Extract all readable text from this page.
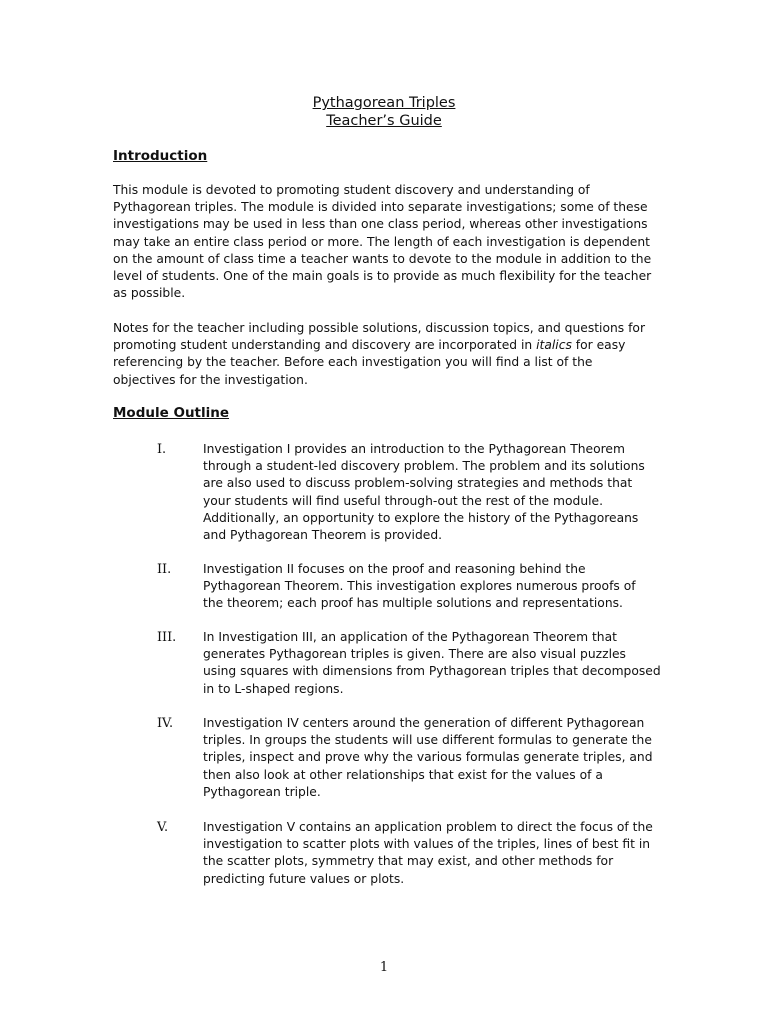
Pythagorean Triples
Teacher’s Guide
Introduction
This module is devoted to promoting student discovery and understanding of
Pythagorean triples. The module is divided into separate investigations; some of these
investigations may be used in less than one class period, whereas other investigations
may take an entire class period or more. The length of each investigation is dependent
on the amount of class time a teacher wants to devote to the module in addition to the
level of students. One of the main goals is to provide as much flexibility for the teacher
as possible.
Notes for the teacher including possible solutions, discussion topics, and questions for
promoting student understanding and discovery are incorporated in italics for easy
referencing by the teacher. Before each investigation you will find a list of the
objectives for the investigation.
Module Outline
I.	Investigation I provides an introduction to the Pythagorean Theorem
through a student-led discovery problem. The problem and its solutions
are also used to discuss problem-solving strategies and methods that
your students will find useful through-out the rest of the module.
Additionally, an opportunity to explore the history of the Pythagoreans
and Pythagorean Theorem is provided.
II.	Investigation II focuses on the proof and reasoning behind the
Pythagorean Theorem. This investigation explores numerous proofs of
the theorem; each proof has multiple solutions and representations.
III. In Investigation III, an application of the Pythagorean Theorem that
generates Pythagorean triples is given. There are also visual puzzles
using squares with dimensions from Pythagorean triples that decomposed
in to L-shaped regions.
IV. Investigation IV centers around the generation of different Pythagorean
triples. In groups the students will use different formulas to generate the
triples, inspect and prove why the various formulas generate triples, and
then also look at other relationships that exist for the values of a
Pythagorean triple.
V.	Investigation V contains an application problem to direct the focus of the
investigation to scatter plots with values of the triples, lines of best fit in
the scatter plots, symmetry that may exist, and other methods for
predicting future values or plots.
1
